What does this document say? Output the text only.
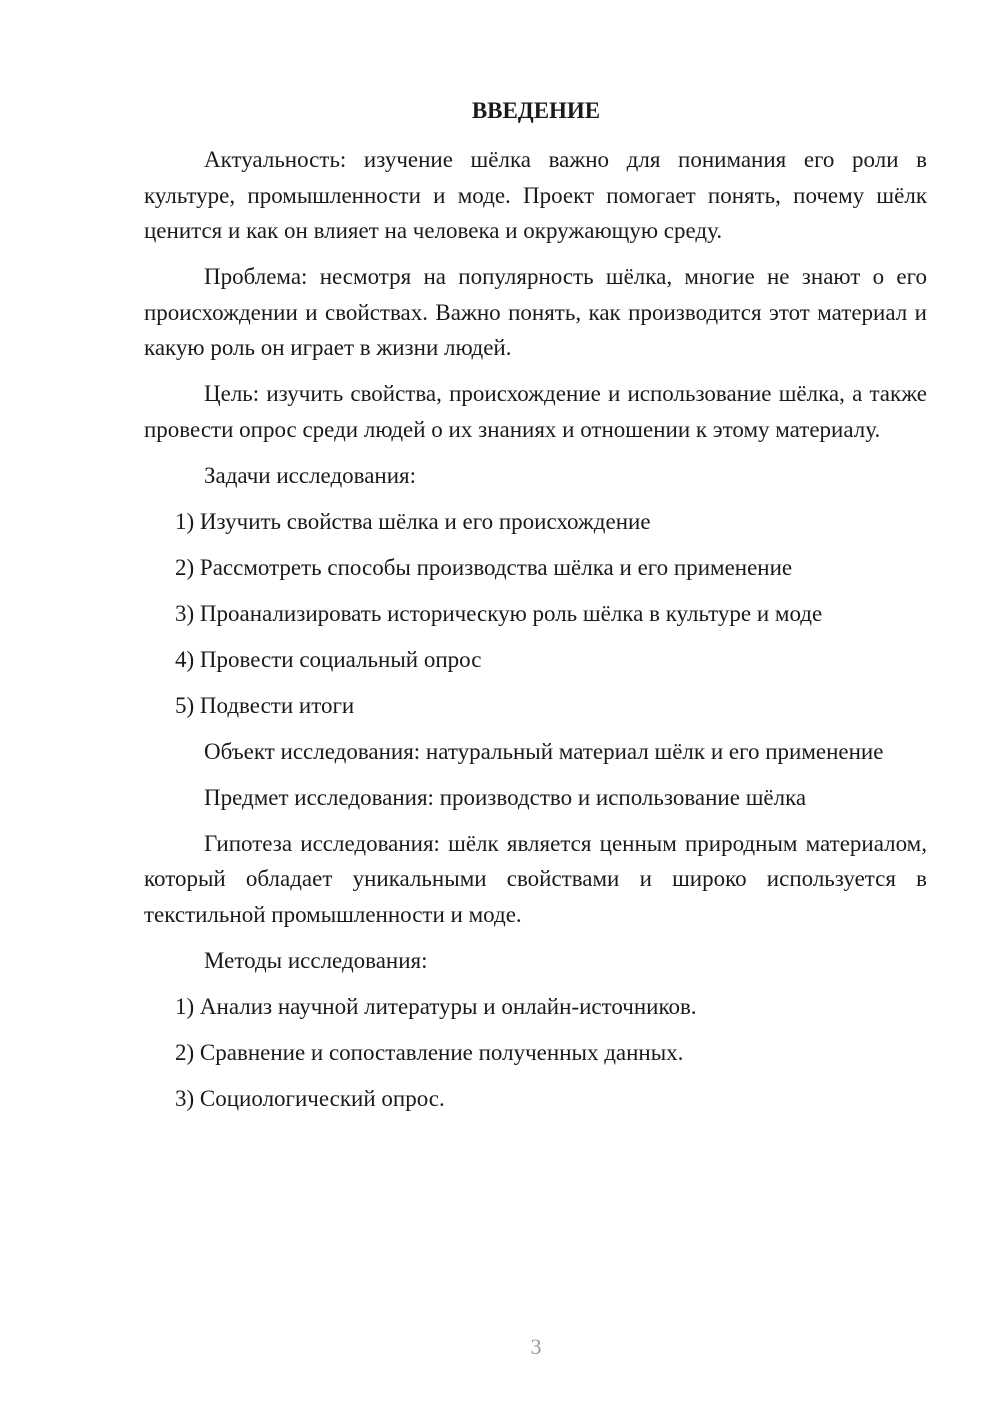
ВВЕДЕНИЕ

Актуальность: изучение шёлка важно для понимания его роли в культуре, промышленности и моде. Проект помогает понять, почему шёлк ценится и как он влияет на человека и окружающую среду.

Проблема: несмотря на популярность шёлка, многие не знают о его происхождении и свойствах. Важно понять, как производится этот материал и какую роль он играет в жизни людей.

Цель: изучить свойства, происхождение и использование шёлка, а также провести опрос среди людей о их знаниях и отношении к этому материалу.

Задачи исследования:

1) Изучить свойства шёлка и его происхождение

2) Рассмотреть способы производства шёлка и его применение

3) Проанализировать историческую роль шёлка в культуре и моде

4) Провести социальный опрос

5) Подвести итоги

Объект исследования: натуральный материал шёлк и его применение

Предмет исследования: производство и использование шёлка

Гипотеза исследования: шёлк является ценным природным материалом, который обладает уникальными свойствами и широко используется в текстильной промышленности и моде.

Методы исследования:

1) Анализ научной литературы и онлайн-источников.

2) Сравнение и сопоставление полученных данных.

3) Социологический опрос.

3
